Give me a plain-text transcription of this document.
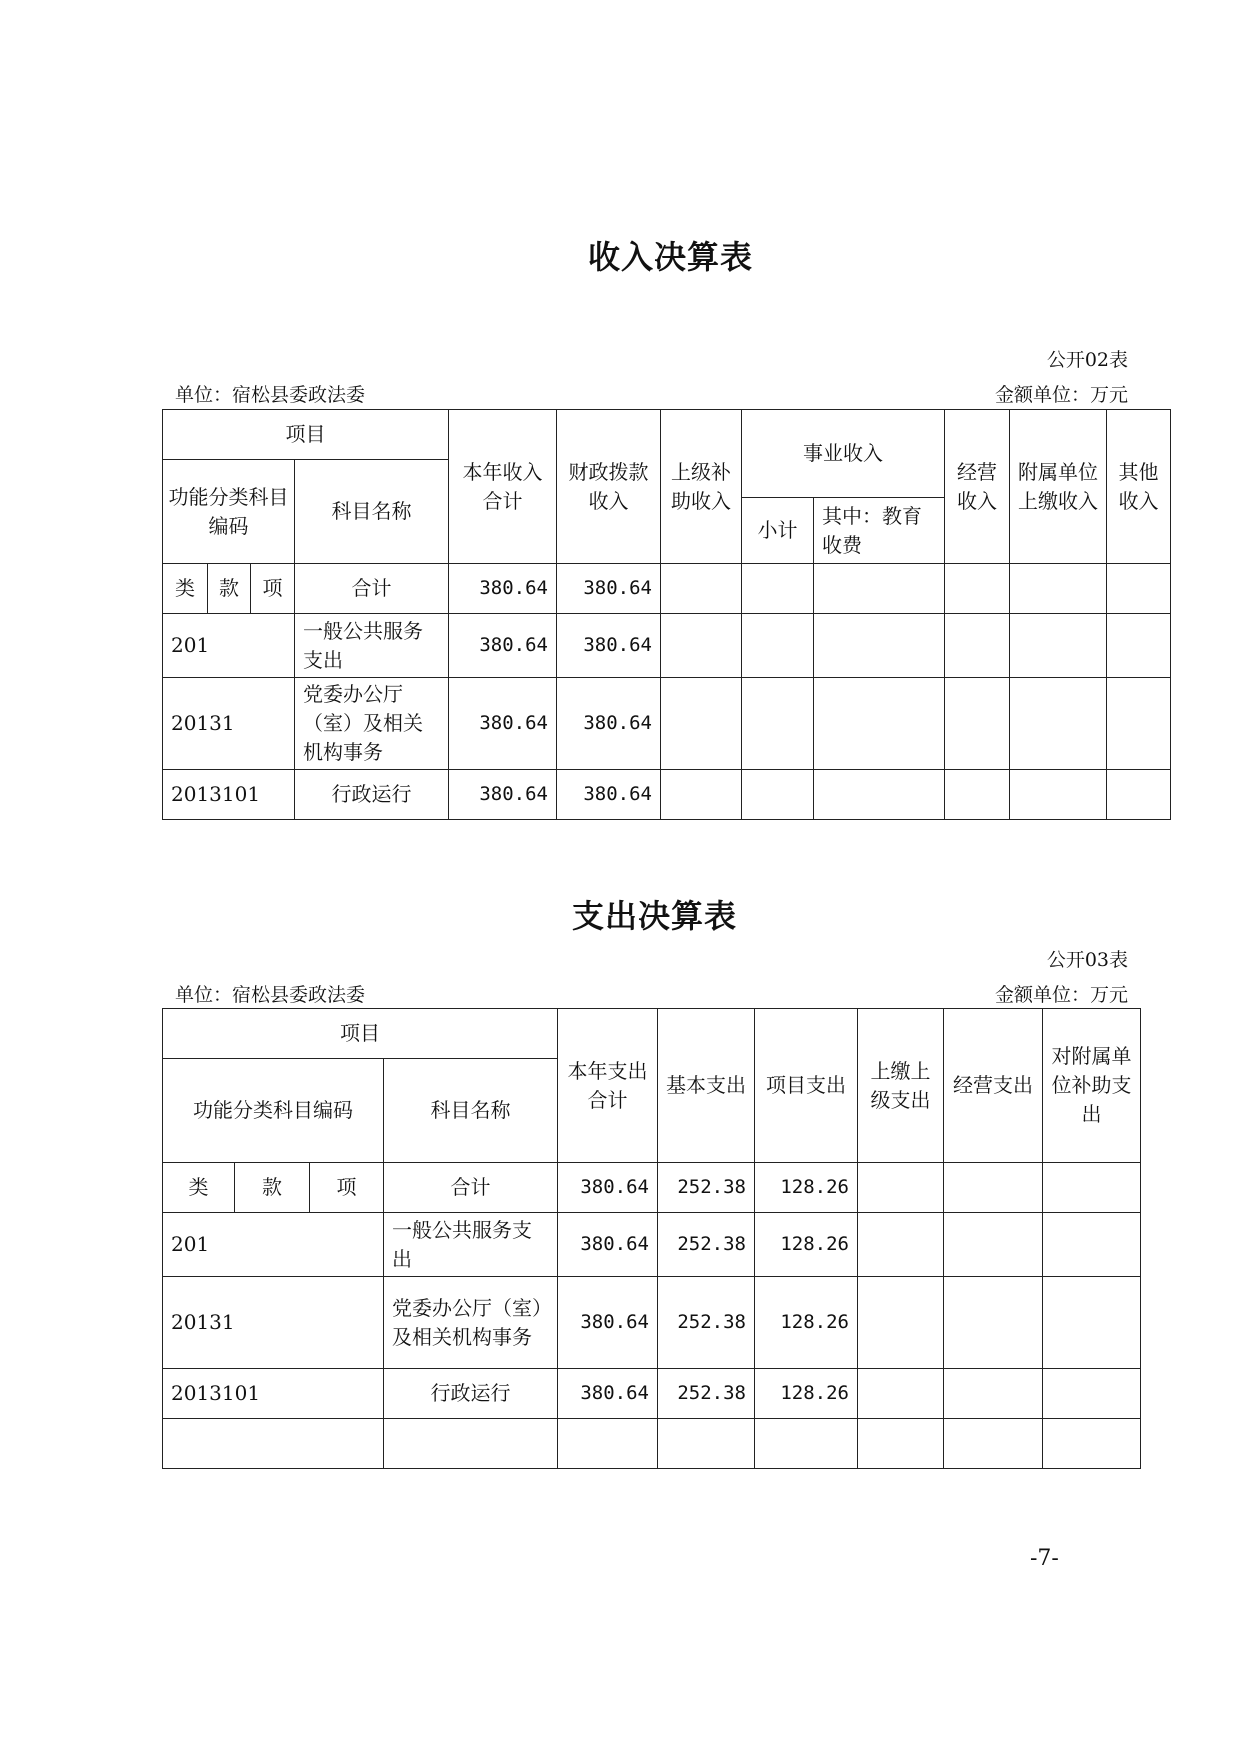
收入决算表
公开02表
单位：宿松县委政法委	金额单位：万元
项目				本年收入合计	财政拨款收入	上级补助收入	事业收入		经营收入	附属单位上缴收入	其他收入
功能分类科目编码			科目名称								
							小计	其中：教育收费			
类	款	项	合计	380.64	380.64						
201			一般公共服务支出	380.64	380.64						
20131			党委办公厅（室）及相关机构事务	380.64	380.64						
2013101			行政运行	380.64	380.64						
支出决算表
公开03表
单位：宿松县委政法委	金额单位：万元
项目				本年支出合计	基本支出	项目支出	上缴上级支出	经营支出	对附属单位补助支出
功能分类科目编码			科目名称						
类	款	项	合计	380.64	252.38	128.26			
201			一般公共服务支出	380.64	252.38	128.26			
20131			党委办公厅（室）及相关机构事务	380.64	252.38	128.26			
2013101			行政运行	380.64	252.38	128.26			

-7-
